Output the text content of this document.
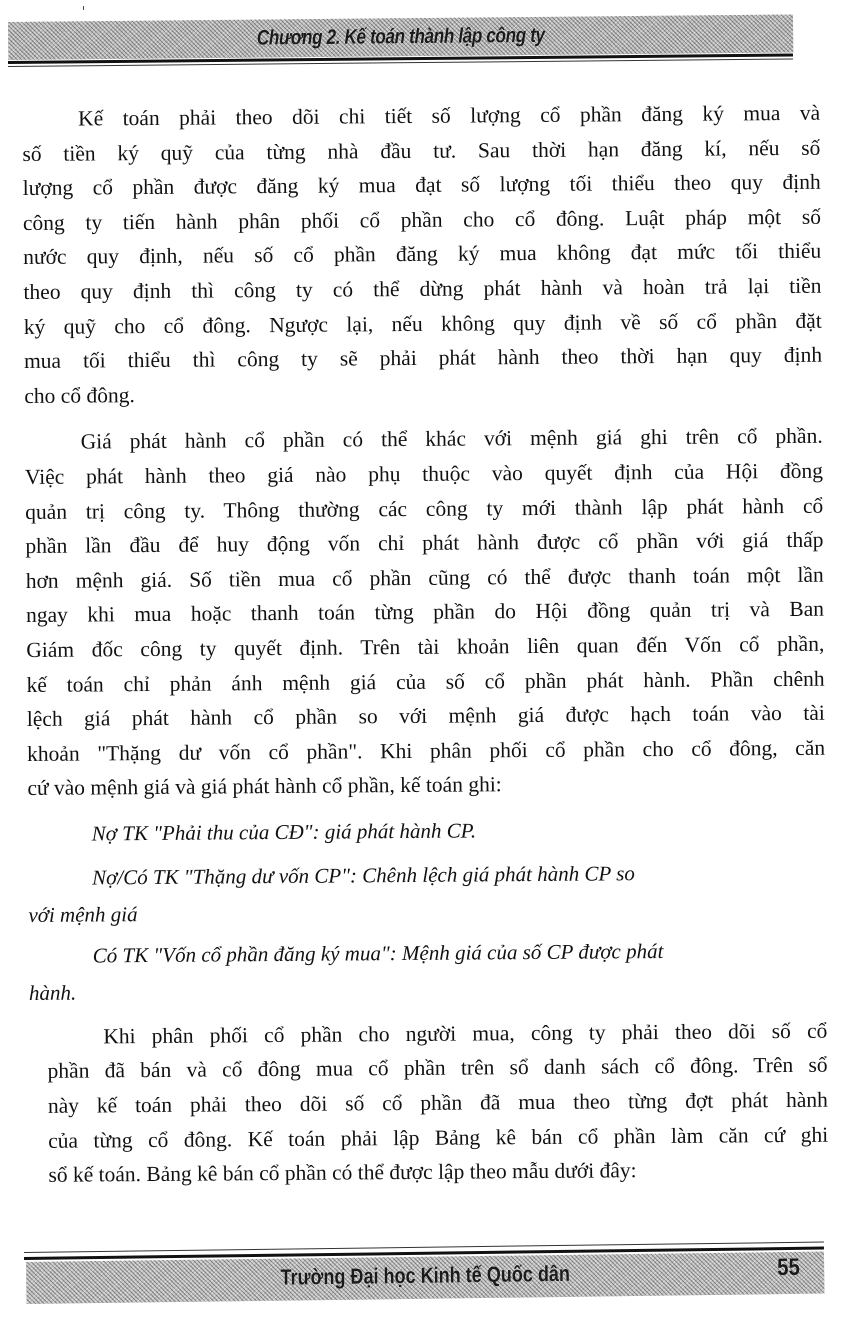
Chương 2. Kế toán thành lập công ty

Kế toán phải theo dõi chi tiết số lượng cổ phần đăng ký mua và
số tiền ký quỹ của từng nhà đầu tư. Sau thời hạn đăng kí, nếu số
lượng cổ phần được đăng ký mua đạt số lượng tối thiểu theo quy định
công ty tiến hành phân phối cổ phần cho cổ đông. Luật pháp một số
nước quy định, nếu số cổ phần đăng ký mua không đạt mức tối thiểu
theo quy định thì công ty có thể dừng phát hành và hoàn trả lại tiền
ký quỹ cho cổ đông. Ngược lại, nếu không quy định về số cổ phần đặt
mua tối thiểu thì công ty sẽ phải phát hành theo thời hạn quy định
cho cổ đông.

Giá phát hành cổ phần có thể khác với mệnh giá ghi trên cổ phần.
Việc phát hành theo giá nào phụ thuộc vào quyết định của Hội đồng
quản trị công ty. Thông thường các công ty mới thành lập phát hành cổ
phần lần đầu để huy động vốn chỉ phát hành được cổ phần với giá thấp
hơn mệnh giá. Số tiền mua cổ phần cũng có thể được thanh toán một lần
ngay khi mua hoặc thanh toán từng phần do Hội đồng quản trị và Ban
Giám đốc công ty quyết định. Trên tài khoản liên quan đến Vốn cổ phần,
kế toán chỉ phản ánh mệnh giá của số cổ phần phát hành. Phần chênh
lệch giá phát hành cổ phần so với mệnh giá được hạch toán vào tài
khoản "Thặng dư vốn cổ phần". Khi phân phối cổ phần cho cổ đông, căn
cứ vào mệnh giá và giá phát hành cổ phần, kế toán ghi:

Nợ TK "Phải thu của CĐ": giá phát hành CP.

Nợ/Có TK "Thặng dư vốn CP": Chênh lệch giá phát hành CP so

với mệnh giá

Có TK "Vốn cổ phần đăng ký mua": Mệnh giá của số CP được phát

hành.

Khi phân phối cổ phần cho người mua, công ty phải theo dõi số cổ
phần đã bán và cổ đông mua cổ phần trên sổ danh sách cổ đông. Trên sổ
này kế toán phải theo dõi số cổ phần đã mua theo từng đợt phát hành
của từng cổ đông. Kế toán phải lập Bảng kê bán cổ phần làm căn cứ ghi
sổ kế toán. Bảng kê bán cổ phần có thể được lập theo mẫu dưới đây:

Trường Đại học Kinh tế Quốc dân	55
